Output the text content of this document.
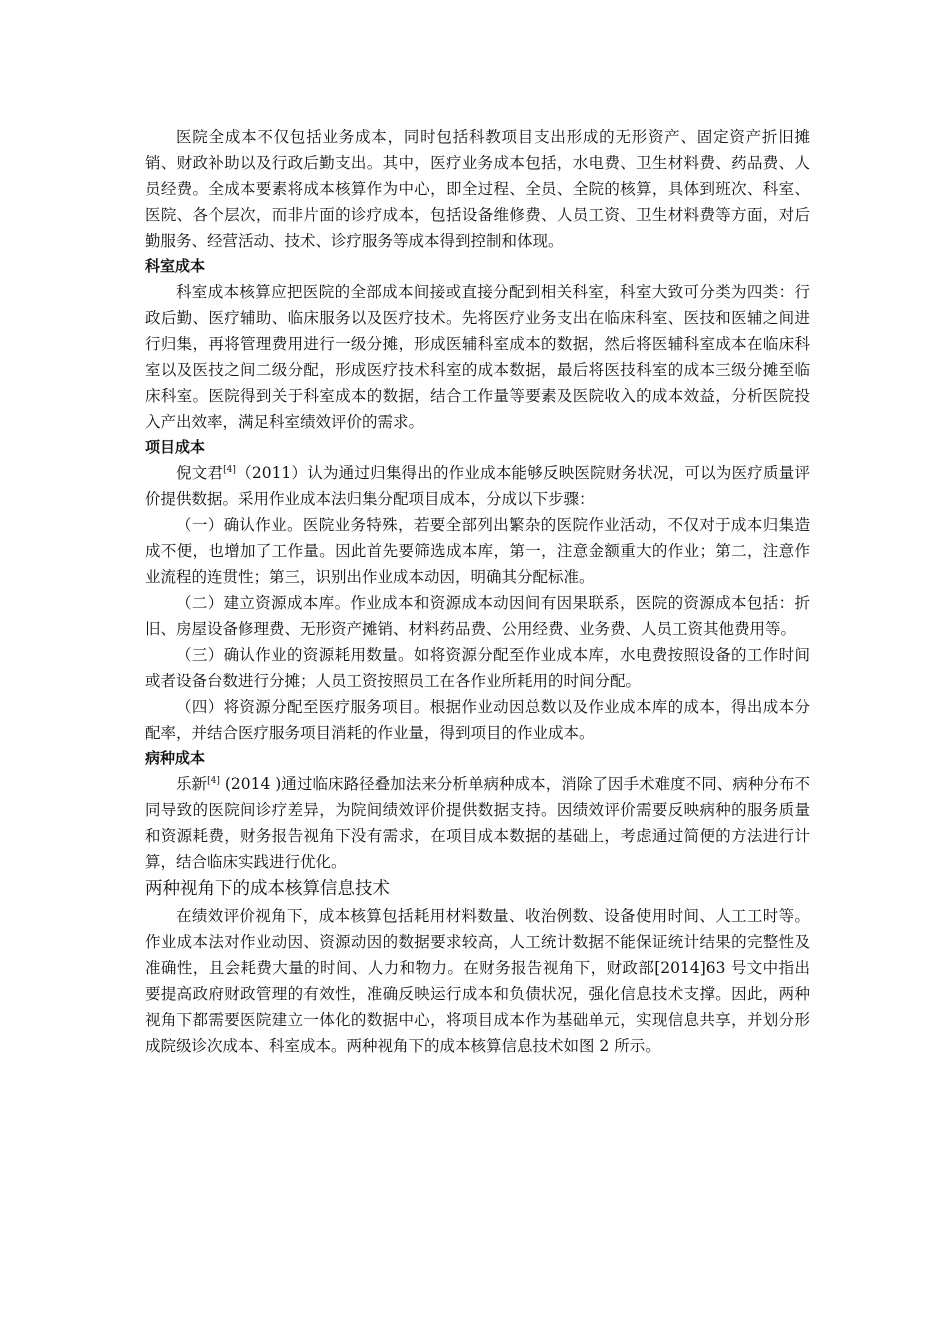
医院全成本不仅包括业务成本，同时包括科教项目支出形成的无形资产、固定资产折旧摊销、财政补助以及行政后勤支出。其中，医疗业务成本包括，水电费、卫生材料费、药品费、人员经费。全成本要素将成本核算作为中心，即全过程、全员、全院的核算，具体到班次、科室、医院、各个层次，而非片面的诊疗成本，包括设备维修费、人员工资、卫生材料费等方面，对后勤服务、经营活动、技术、诊疗服务等成本得到控制和体现。

科室成本

科室成本核算应把医院的全部成本间接或直接分配到相关科室，科室大致可分类为四类：行政后勤、医疗辅助、临床服务以及医疗技术。先将医疗业务支出在临床科室、医技和医辅之间进行归集，再将管理费用进行一级分摊，形成医辅科室成本的数据，然后将医辅科室成本在临床科室以及医技之间二级分配，形成医疗技术科室的成本数据，最后将医技科室的成本三级分摊至临床科室。医院得到关于科室成本的数据，结合工作量等要素及医院收入的成本效益，分析医院投入产出效率，满足科室绩效评价的需求。

项目成本

倪文君[4]（2011）认为通过归集得出的作业成本能够反映医院财务状况，可以为医疗质量评价提供数据。采用作业成本法归集分配项目成本，分成以下步骤：

（一）确认作业。医院业务特殊，若要全部列出繁杂的医院作业活动，不仅对于成本归集造成不便，也增加了工作量。因此首先要筛选成本库，第一，注意金额重大的作业；第二，注意作业流程的连贯性；第三，识别出作业成本动因，明确其分配标准。

（二）建立资源成本库。作业成本和资源成本动因间有因果联系，医院的资源成本包括：折旧、房屋设备修理费、无形资产摊销、材料药品费、公用经费、业务费、人员工资其他费用等。

（三）确认作业的资源耗用数量。如将资源分配至作业成本库，水电费按照设备的工作时间或者设备台数进行分摊；人员工资按照员工在各作业所耗用的时间分配。

（四）将资源分配至医疗服务项目。根据作业动因总数以及作业成本库的成本，得出成本分配率，并结合医疗服务项目消耗的作业量，得到项目的作业成本。

病种成本

乐新[4] (2014 )通过临床路径叠加法来分析单病种成本，消除了因手术难度不同、病种分布不同导致的医院间诊疗差异，为院间绩效评价提供数据支持。因绩效评价需要反映病种的服务质量和资源耗费，财务报告视角下没有需求，在项目成本数据的基础上，考虑通过简便的方法进行计算，结合临床实践进行优化。

两种视角下的成本核算信息技术

在绩效评价视角下，成本核算包括耗用材料数量、收治例数、设备使用时间、人工工时等。作业成本法对作业动因、资源动因的数据要求较高，人工统计数据不能保证统计结果的完整性及准确性，且会耗费大量的时间、人力和物力。在财务报告视角下，财政部[2014]63 号文中指出要提高政府财政管理的有效性，准确反映运行成本和负债状况，强化信息技术支撑。因此，两种视角下都需要医院建立一体化的数据中心，将项目成本作为基础单元，实现信息共享，并划分形成院级诊次成本、科室成本。两种视角下的成本核算信息技术如图 2 所示。
